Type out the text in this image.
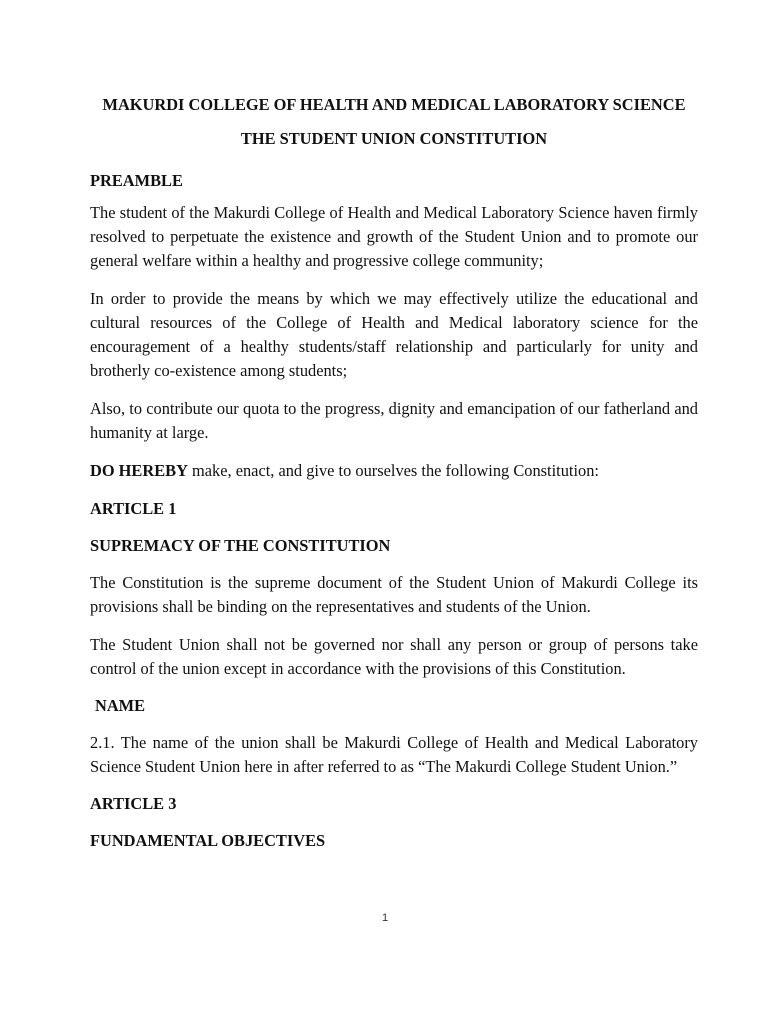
MAKURDI COLLEGE OF HEALTH AND MEDICAL LABORATORY SCIENCE

THE STUDENT UNION CONSTITUTION

PREAMBLE

The student of the Makurdi College of Health and Medical Laboratory Science haven firmly resolved to perpetuate the existence and growth of the Student Union and to promote our general welfare within a healthy and progressive college community;

In order to provide the means by which we may effectively utilize the educational and cultural resources of the College of Health and Medical laboratory science for the encouragement of a healthy students/staff relationship and particularly for unity and brotherly co-existence among students;

Also, to contribute our quota to the progress, dignity and emancipation of our fatherland and humanity at large.

DO HEREBY make, enact, and give to ourselves the following Constitution:

ARTICLE 1

SUPREMACY OF THE CONSTITUTION

The Constitution is the supreme document of the Student Union of Makurdi College its provisions shall be binding on the representatives and students of the Union.

The Student Union shall not be governed nor shall any person or group of persons take control of the union except in accordance with the provisions of this Constitution.

NAME

2.1. The name of the union shall be Makurdi College of Health and Medical Laboratory Science Student Union here in after referred to as “The Makurdi College Student Union.”

ARTICLE 3

FUNDAMENTAL OBJECTIVES

1
